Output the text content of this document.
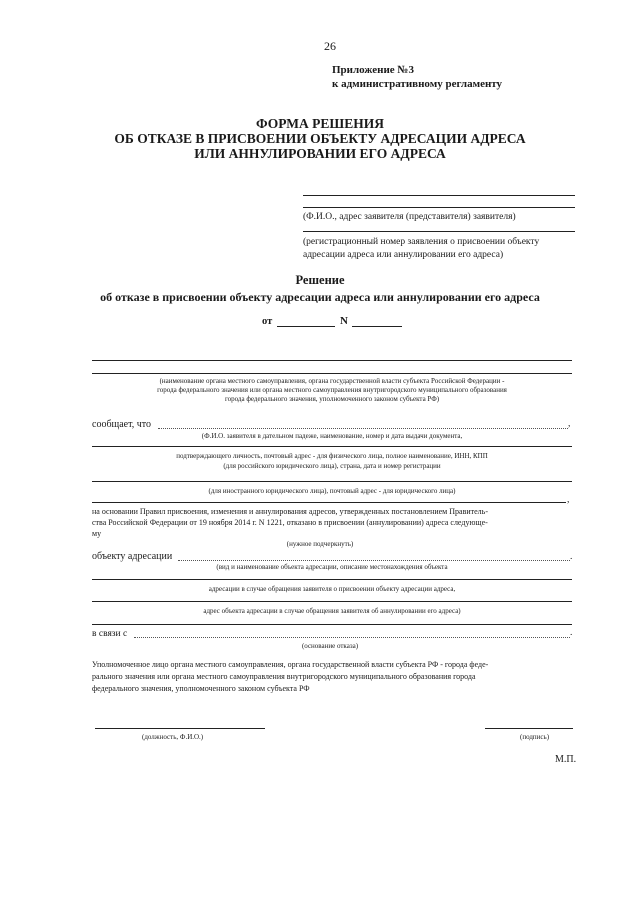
26
Приложение №3
к административному регламенту
ФОРМА РЕШЕНИЯ
ОБ ОТКАЗЕ В ПРИСВОЕНИИ ОБЪЕКТУ АДРЕСАЦИИ АДРЕСА
ИЛИ АННУЛИРОВАНИИ ЕГО АДРЕСА
(Ф.И.О., адрес заявителя (представителя) заявителя)
(регистрационный номер заявления о присвоении объекту
адресации адреса или аннулировании его адреса)
Решение
об отказе в присвоении объекту адресации адреса или аннулировании его адреса
от	N
(наименование органа местного самоуправления, органа государственной власти субъекта Российской Федерации -
города федерального значения или органа местного самоуправления внутригородского муниципального образования
города федерального значения, уполномоченного законом субъекта РФ)
сообщает, что	,
(Ф.И.О. заявителя в дательном падеже, наименование, номер и дата выдачи документа,
подтверждающего личность, почтовый адрес - для физического лица, полное наименование, ИНН, КПП
(для российского юридического лица), страна, дата и номер регистрации
(для иностранного юридического лица), почтовый адрес - для юридического лица)
,
на основании Правил присвоения, изменения и аннулирования адресов, утвержденных постановлением Правитель-
ства Российской Федерации от 19 ноября 2014 г. N 1221, отказано в присвоении (аннулировании) адреса следующе-
му
(нужное подчеркнуть)
объекту адресации	.
(вид и наименование объекта адресации, описание местонахождения объекта
адресации в случае обращения заявителя о присвоении объекту адресации адреса,
адрес объекта адресации в случае обращения заявителя об аннулировании его адреса)
в связи с	.
(основание отказа)
Уполномоченное лицо органа местного самоуправления, органа государственной власти субъекта РФ - города феде-
рального значения или органа местного самоуправления внутригородского муниципального образования города
федерального значения, уполномоченного законом субъекта РФ
(должность, Ф.И.О.)	(подпись)
М.П.
